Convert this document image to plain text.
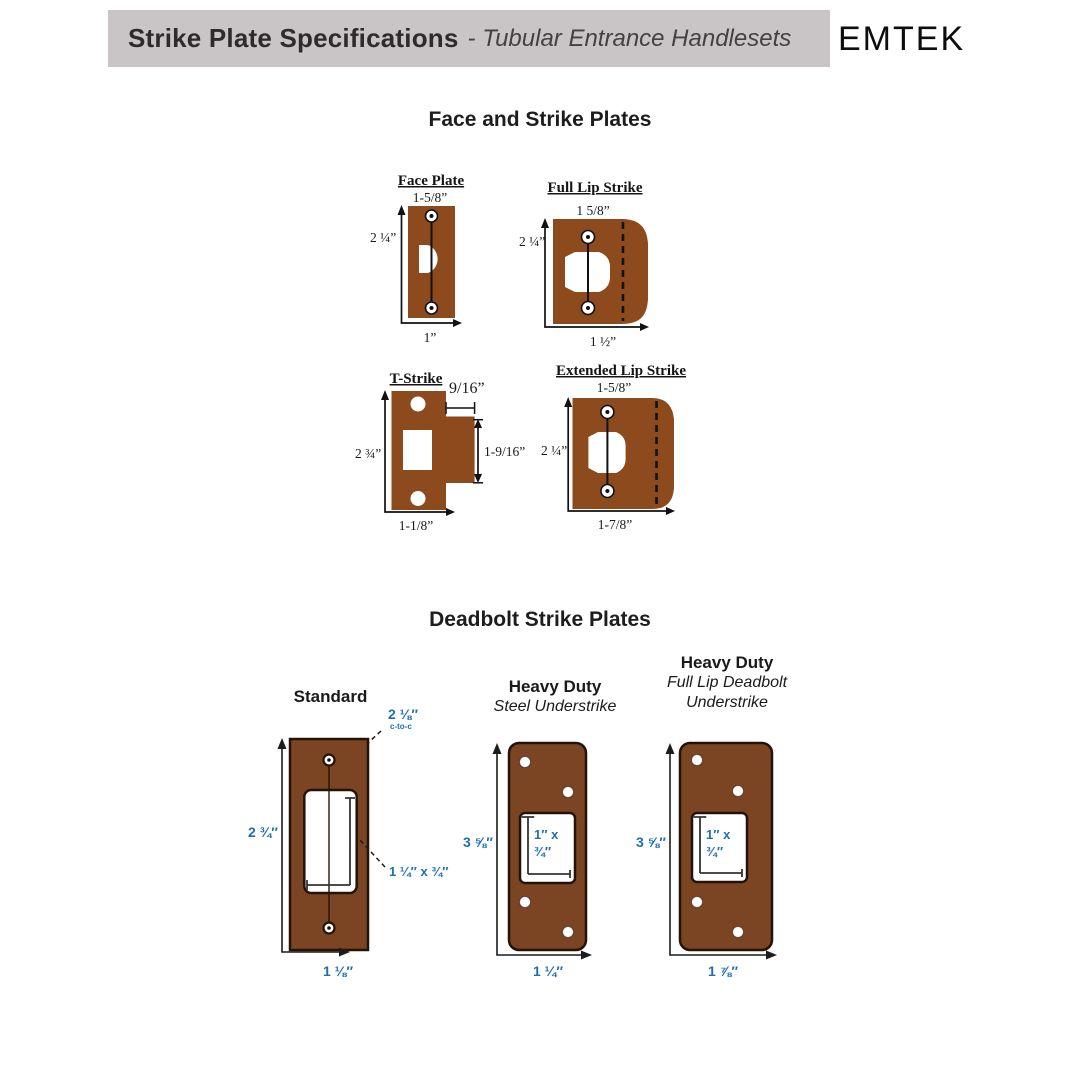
Strike Plate Specifications - Tubular Entrance Handlesets EMTEK
Face and Strike Plates
Face Plate
1-5/8”
2 ¼”
1”
Full Lip Strike
1 5/8”
2 ¼”
1 ½”
T-Strike
9/16”
1-9/16”
2 ¾”
1-1/8”
Extended Lip Strike
1-5/8”
2 ¼”
1-7/8”
Deadbolt Strike Plates
Standard
Heavy Duty
Steel Understrike
Heavy Duty
Full Lip Deadbolt
Understrike
2 ⅛″
c-to-c
1 ¼″ x ¾″
2 ¾″
1 ⅛″
1″ x
¾″
3 ⅝″
1 ¼″
1″ x
¾″
3 ⅝″
1 ⅞″
